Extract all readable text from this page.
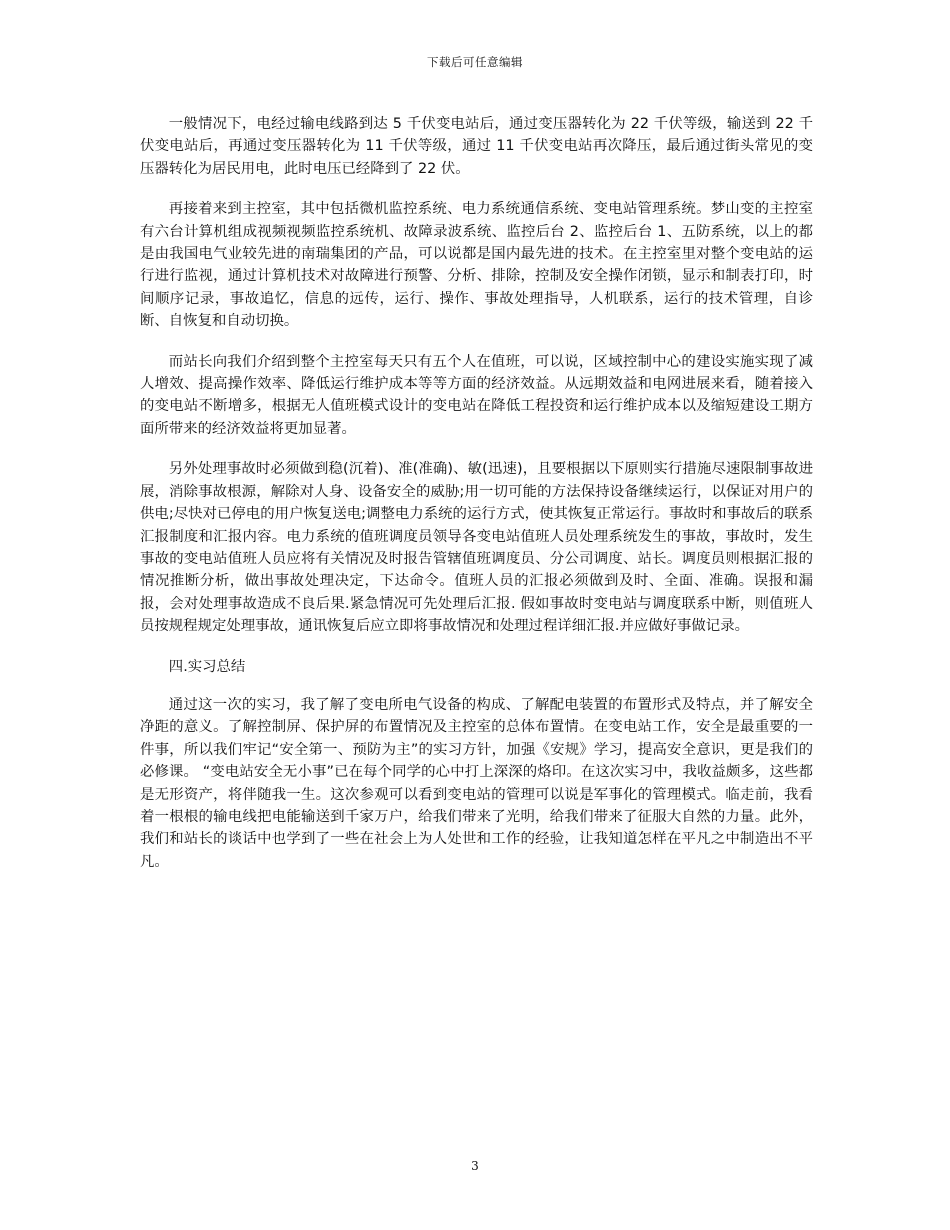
下载后可任意编辑

一般情况下，电经过输电线路到达 5 千伏变电站后，通过变压器转化为 22 千伏等级，输送到 22 千伏变电站后，再通过变压器转化为 11 千伏等级，通过 11 千伏变电站再次降压，最后通过街头常见的变压器转化为居民用电，此时电压已经降到了 22 伏。

再接着来到主控室，其中包括微机监控系统、电力系统通信系统、变电站管理系统。梦山变的主控室有六台计算机组成视频视频监控系统机、故障录波系统、监控后台 2、监控后台 1、五防系统，以上的都是由我国电气业较先进的南瑞集团的产品，可以说都是国内最先进的技术。在主控室里对整个变电站的运行进行监视，通过计算机技术对故障进行预警、分析、排除，控制及安全操作闭锁，显示和制表打印，时间顺序记录，事故追忆，信息的远传，运行、操作、事故处理指导，人机联系，运行的技术管理，自诊断、自恢复和自动切换。

而站长向我们介绍到整个主控室每天只有五个人在值班，可以说，区域控制中心的建设实施实现了减人增效、提高操作效率、降低运行维护成本等等方面的经济效益。从远期效益和电网进展来看，随着接入的变电站不断增多，根据无人值班模式设计的变电站在降低工程投资和运行维护成本以及缩短建设工期方面所带来的经济效益将更加显著。

另外处理事故时必须做到稳(沉着)、准(准确)、敏(迅速)，且要根据以下原则实行措施尽速限制事故进展，消除事故根源，解除对人身、设备安全的威胁;用一切可能的方法保持设备继续运行，以保证对用户的供电;尽快对已停电的用户恢复送电;调整电力系统的运行方式，使其恢复正常运行。事故时和事故后的联系汇报制度和汇报内容。电力系统的值班调度员领导各变电站值班人员处理系统发生的事故，事故时，发生事故的变电站值班人员应将有关情况及时报告管辖值班调度员、分公司调度、站长。调度员则根据汇报的情况推断分析，做出事故处理决定，下达命令。值班人员的汇报必须做到及时、全面、准确。误报和漏报，会对处理事故造成不良后果.紧急情况可先处理后汇报. 假如事故时变电站与调度联系中断，则值班人员按规程规定处理事故，通讯恢复后应立即将事故情况和处理过程详细汇报.并应做好事做记录。

四.实习总结

通过这一次的实习，我了解了变电所电气设备的构成、了解配电装置的布置形式及特点，并了解安全净距的意义。了解控制屏、保护屏的布置情况及主控室的总体布置情。在变电站工作，安全是最重要的一件事，所以我们牢记“安全第一、预防为主”的实习方针，加强《安规》学习，提高安全意识，更是我们的必修课。 “变电站安全无小事”已在每个同学的心中打上深深的烙印。在这次实习中，我收益颇多，这些都是无形资产，将伴随我一生。这次参观可以看到变电站的管理可以说是军事化的管理模式。临走前，我看着一根根的输电线把电能输送到千家万户，给我们带来了光明，给我们带来了征服大自然的力量。此外，我们和站长的谈话中也学到了一些在社会上为人处世和工作的经验，让我知道怎样在平凡之中制造出不平凡。

3
